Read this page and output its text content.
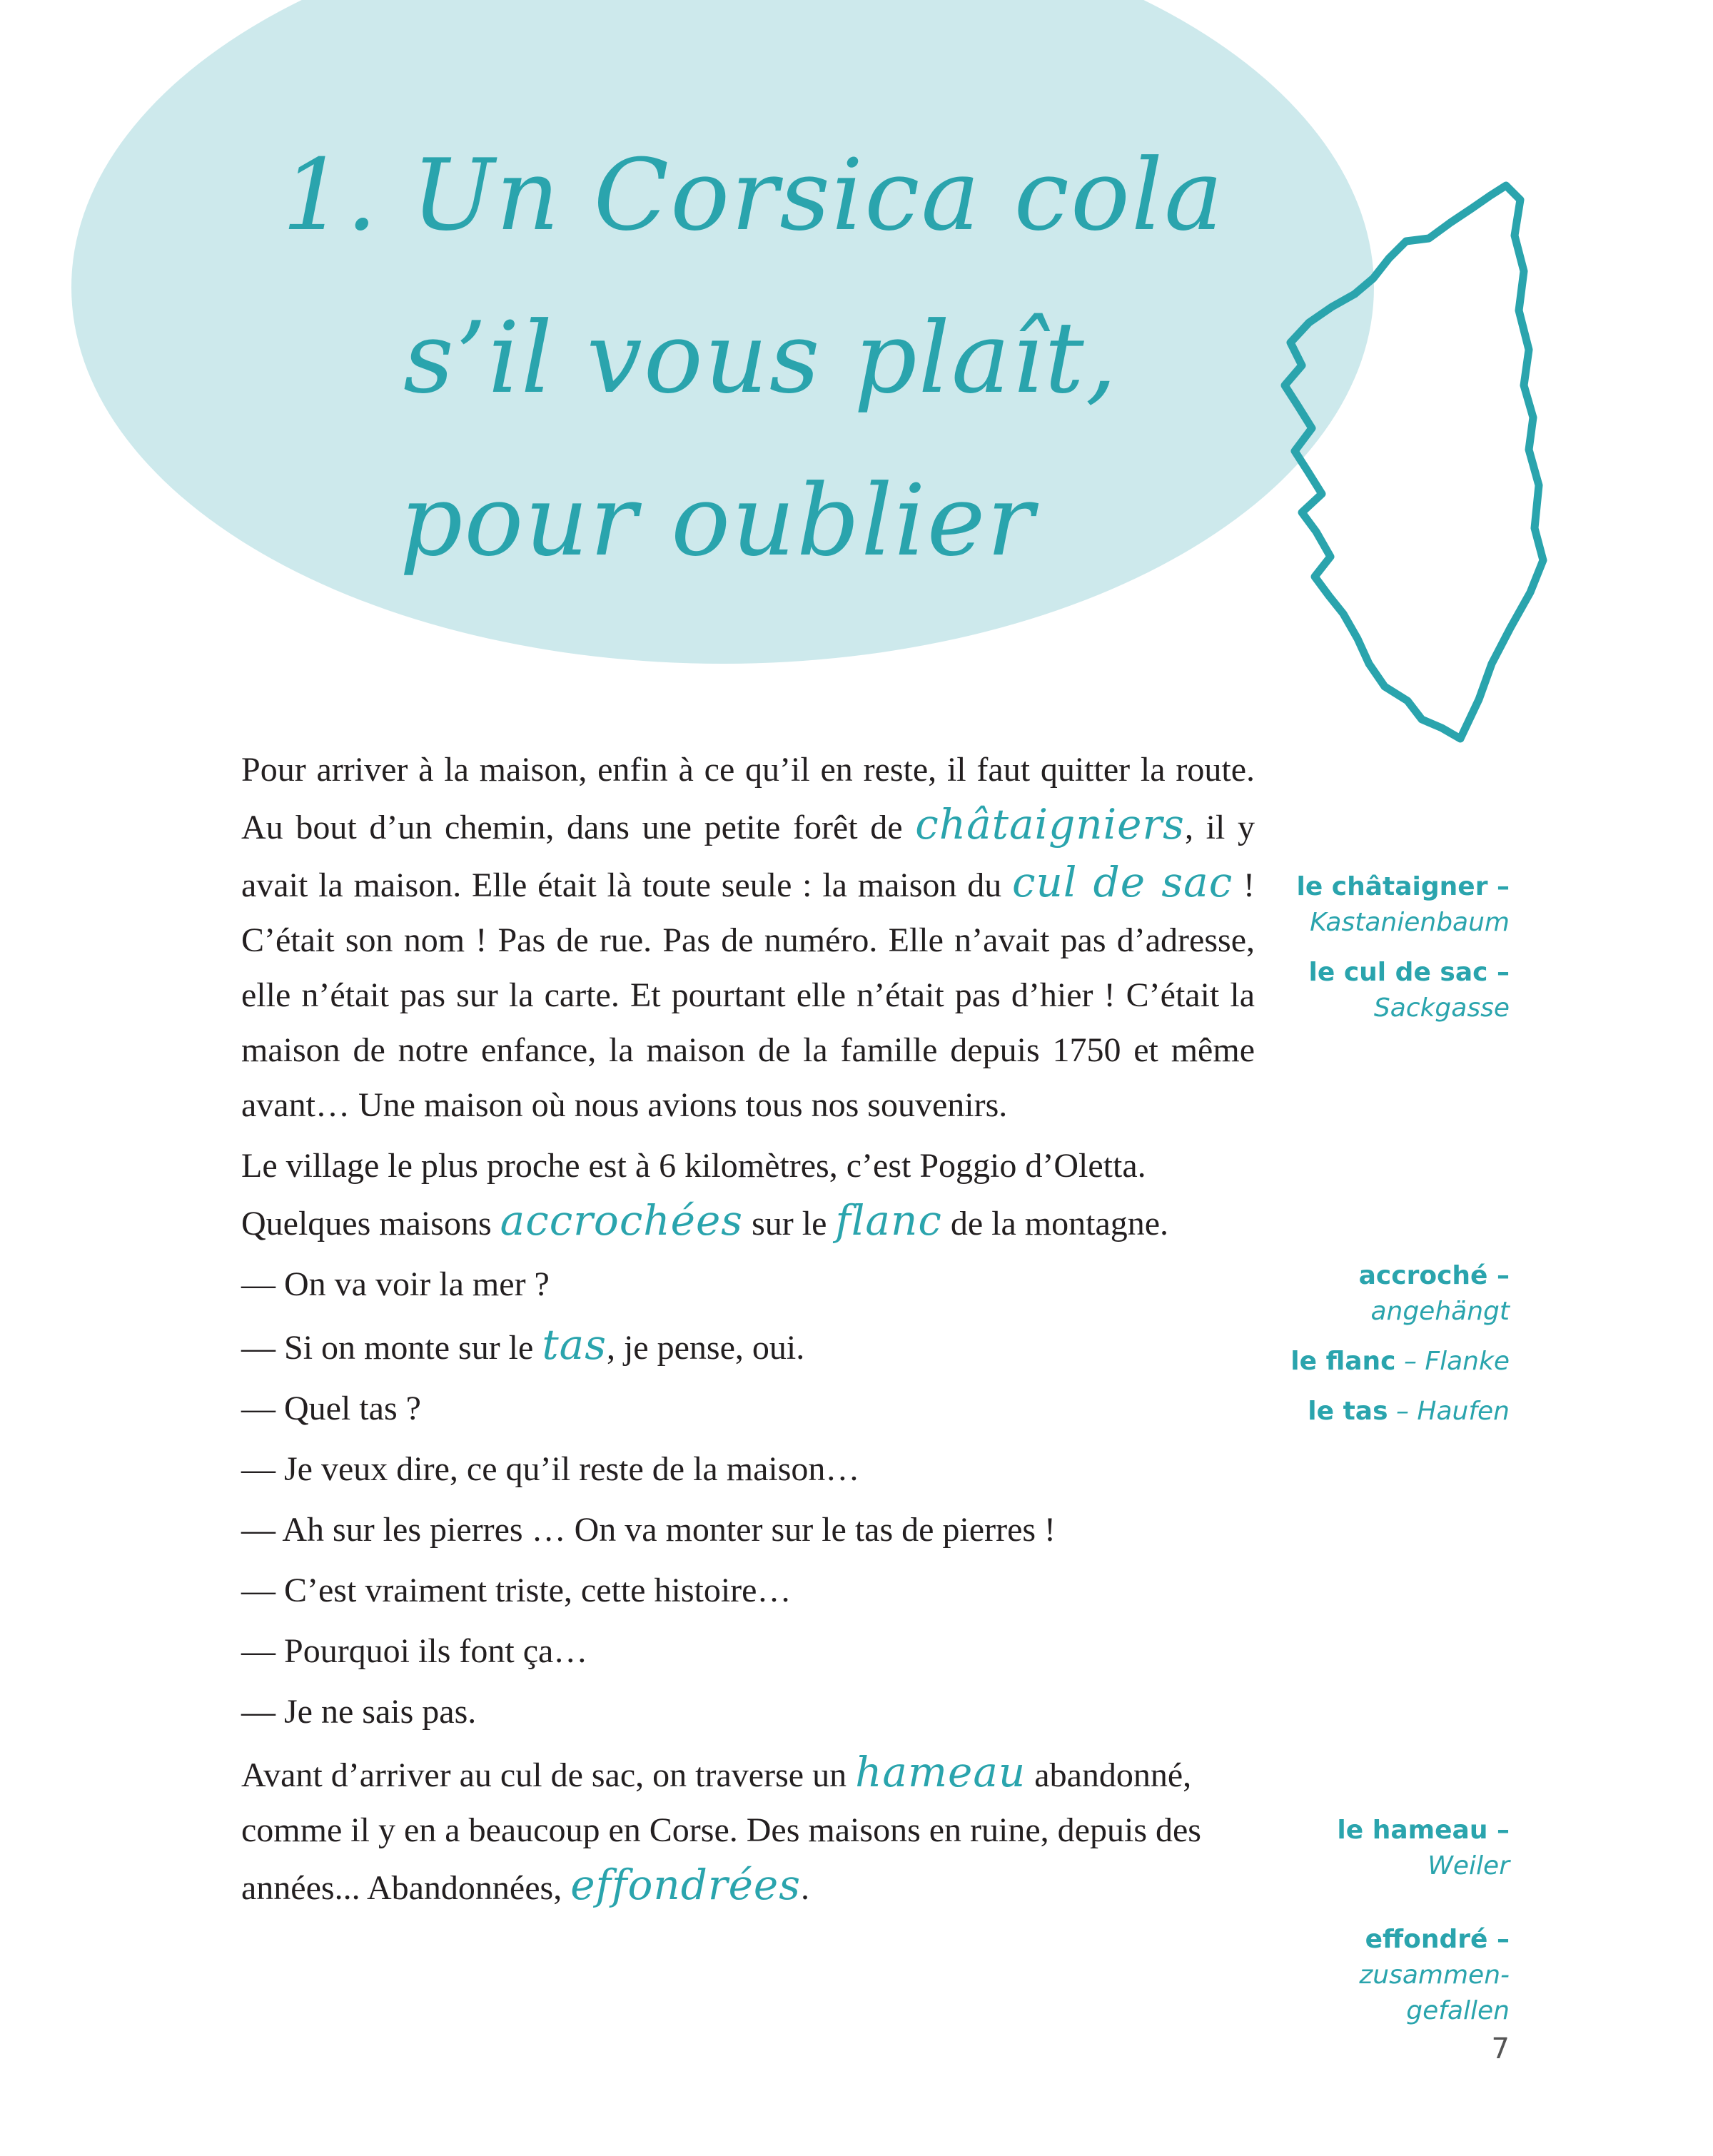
1. Un Corsica cola
s’il vous plaît,
pour oublier

Pour arriver à la maison, enfin à ce qu’il en reste, il faut quitter la route. Au bout d’un chemin, dans une petite forêt de châtaigniers, il y avait la maison. Elle était là toute seule : la maison du cul de sac ! C’était son nom ! Pas de rue. Pas de numéro. Elle n’avait pas d’adresse, elle n’était pas sur la carte. Et pourtant elle n’était pas d’hier ! C’était la maison de notre enfance, la maison de la famille depuis 1750 et même avant… Une maison où nous avions tous nos souvenirs.

Le village le plus proche est à 6 kilomètres, c’est Poggio d’Oletta. Quelques maisons accrochées sur le flanc de la montagne.

— On va voir la mer ?

— Si on monte sur le tas, je pense, oui.

— Quel tas ?

— Je veux dire, ce qu’il reste de la maison…

— Ah sur les pierres … On va monter sur le tas de pierres !

— C’est vraiment triste, cette histoire…

— Pourquoi ils font ça…

— Je ne sais pas.

Avant d’arriver au cul de sac, on traverse un hameau abandonné, comme il y en a beaucoup en Corse. Des maisons en ruine, depuis des années... Abandonnées, effondrées.

le châtaigner –
Kastanienbaum
le cul de sac –
Sackgasse
accroché –
angehängt
le flanc – Flanke
le tas – Haufen
le hameau –
Weiler
effondré –
zusammen-
gefallen
7
